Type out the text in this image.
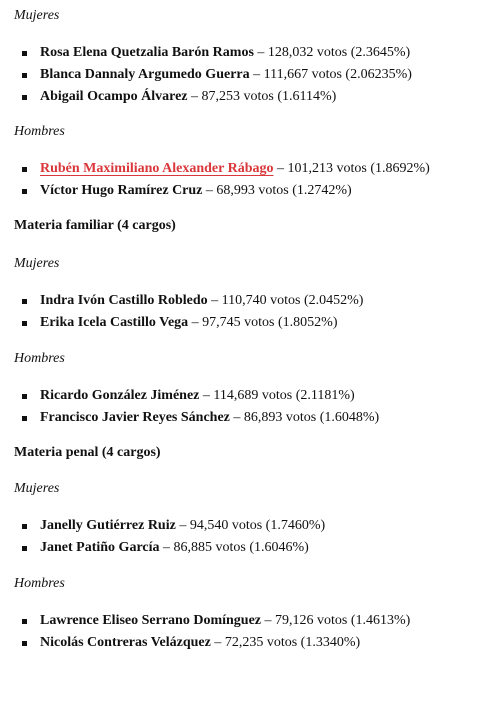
Mujeres

Rosa Elena Quetzalia Barón Ramos – 128,032 votos (2.3645%)
Blanca Dannaly Argumedo Guerra – 111,667 votos (2.06235%)
Abigail Ocampo Álvarez – 87,253 votos (1.6114%)

Hombres

Rubén Maximiliano Alexander Rábago – 101,213 votos (1.8692%)
Víctor Hugo Ramírez Cruz – 68,993 votos (1.2742%)

Materia familiar (4 cargos)

Mujeres

Indra Ivón Castillo Robledo – 110,740 votos (2.0452%)
Erika Icela Castillo Vega – 97,745 votos (1.8052%)

Hombres

Ricardo González Jiménez – 114,689 votos (2.1181%)
Francisco Javier Reyes Sánchez – 86,893 votos (1.6048%)

Materia penal (4 cargos)

Mujeres

Janelly Gutiérrez Ruiz – 94,540 votos (1.7460%)
Janet Patiño García – 86,885 votos (1.6046%)

Hombres

Lawrence Eliseo Serrano Domínguez – 79,126 votos (1.4613%)
Nicolás Contreras Velázquez – 72,235 votos (1.3340%)
